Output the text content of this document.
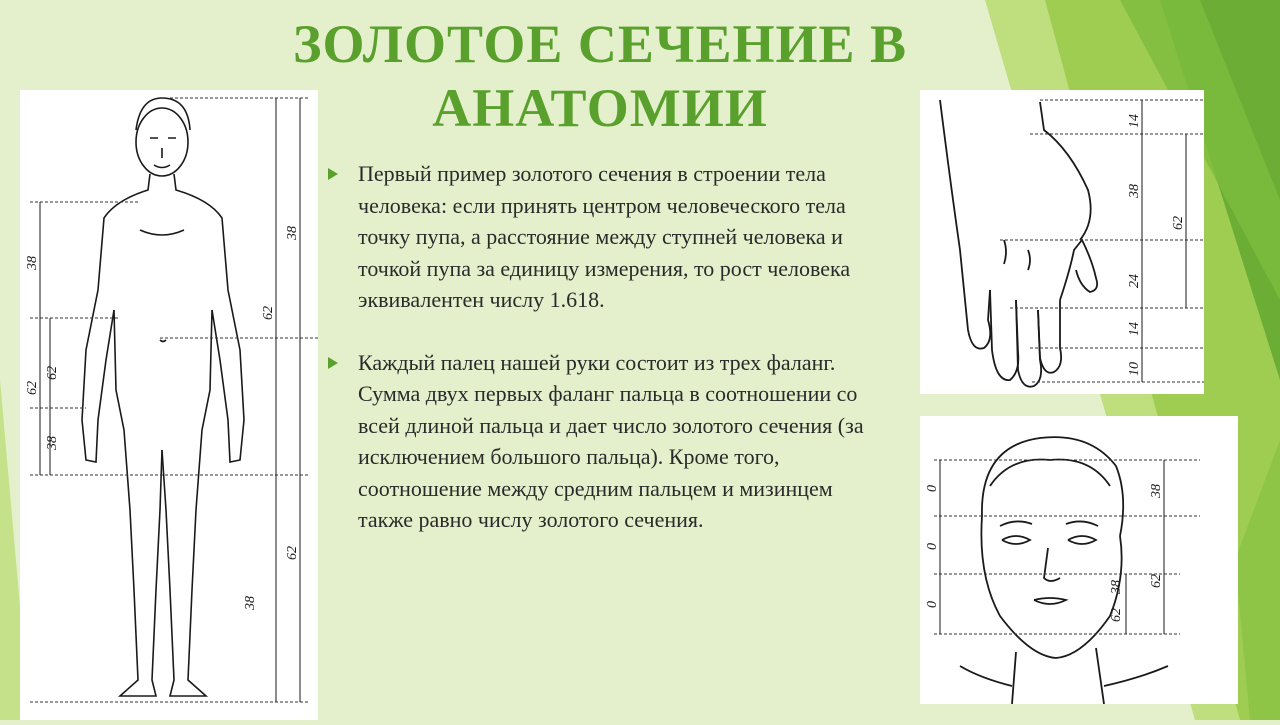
ЗОЛОТОЕ СЕЧЕНИЕ В
АНАТОМИИ
38
62
62
38
38
62
62
38
Первый пример золотого сечения в строении тела человека: если принять центром человеческого тела точку пупа, а расстояние между ступней человека и точкой пупа за единицу измерения, то рост человека эквивалентен числу 1.618.
Каждый палец нашей руки состоит из трех фаланг. Сумма двух первых фаланг пальца в соотношении со всей длиной пальца и дает число золотого сечения (за исключением большого пальца). Кроме того, соотношение между средним пальцем и мизинцем также равно числу золотого сечения.
14
38
62
24
14
10
0
0
0
38
38 62
62
